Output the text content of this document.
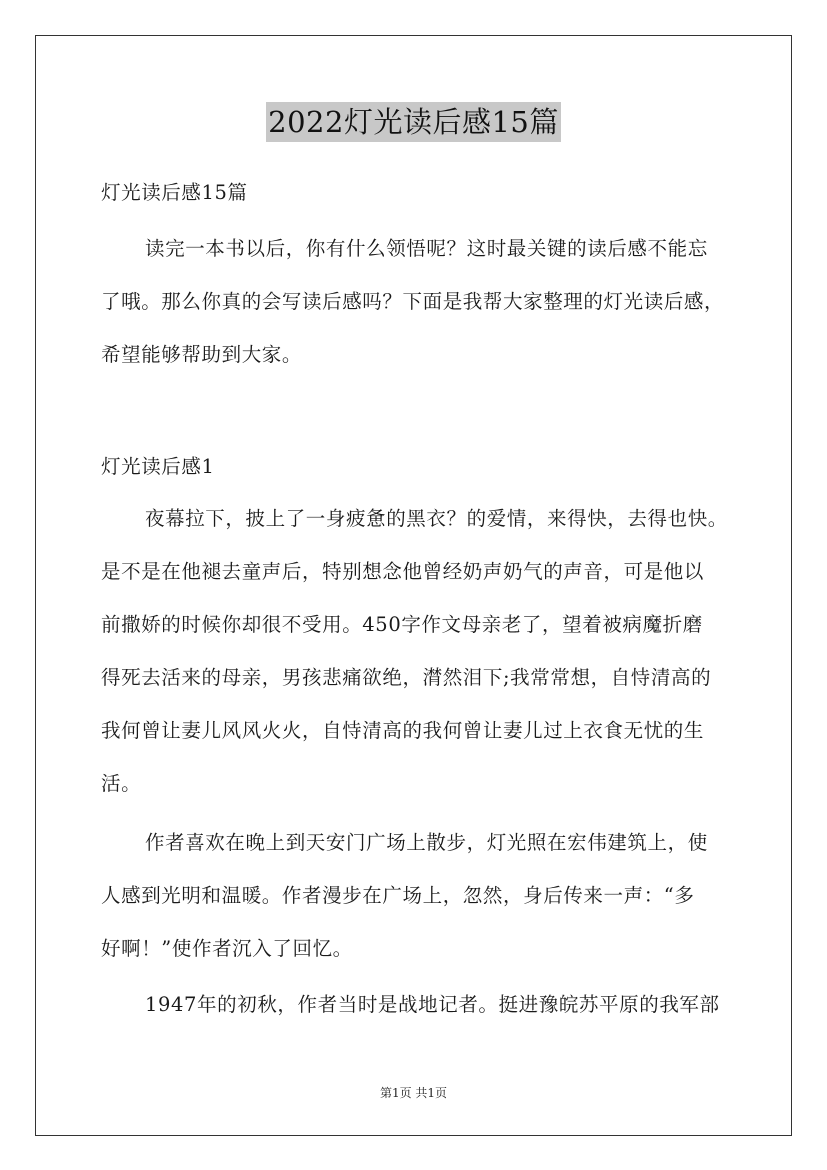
2022灯光读后感15篇
灯光读后感15篇
读完一本书以后，你有什么领悟呢？这时最关键的读后感不能忘
了哦。那么你真的会写读后感吗？下面是我帮大家整理的灯光读后感，
希望能够帮助到大家。
灯光读后感1
夜幕拉下，披上了一身疲惫的黑衣？的爱情，来得快，去得也快。
是不是在他褪去童声后，特别想念他曾经奶声奶气的声音，可是他以
前撒娇的时候你却很不受用。450字作文母亲老了，望着被病魔折磨
得死去活来的母亲，男孩悲痛欲绝，潸然泪下;我常常想，自恃清高的
我何曾让妻儿风风火火，自恃清高的我何曾让妻儿过上衣食无忧的生
活。
作者喜欢在晚上到天安门广场上散步，灯光照在宏伟建筑上，使
人感到光明和温暖。作者漫步在广场上，忽然，身后传来一声：“多
好啊！”使作者沉入了回忆。
1947年的初秋，作者当时是战地记者。挺进豫皖苏平原的我军部
第1页 共1页
